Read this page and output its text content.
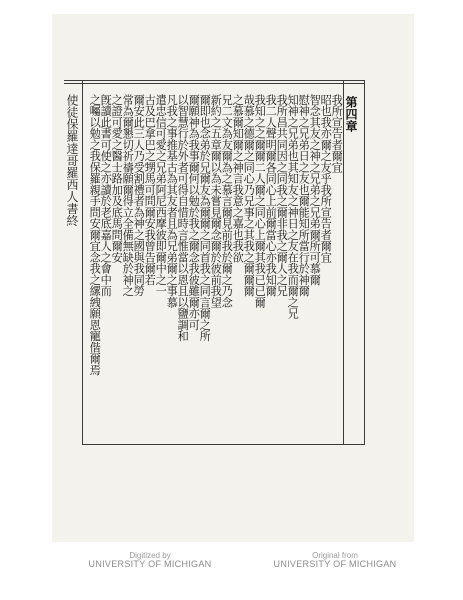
第四章
我所宣告者爾宜
昭也我亦爾之友乎我所宣告者爾宜
智念其友之神之兄弟之兄弟爾所可慕爾
慰神之兄弟日之友也爾能知所當行於神爾
知神之兄弟也其知友之神日之友在我而爾之兄
我所昌共同因之同我之爾非我之爾人之兄
我二人聲明爾各同心上前爾當心亦我知爾
我知之之爾爾二人爾之同心上爾其我已已爾
哉慕之德爾之同心乃兄事之其我之爾爾爾
之慕爾知爾之神言我意之嘉也我欲
兄二文為友爾為之慕言爾見前我於爾之乃念
新約之五章爾以為未嘗見爾念爾於彼前我望
爾即也念弟於兄爾友為爾爾之同首我之同言爾之所
爾願神為我事爾何以勉於我之爾念我彼雖爾亦可
以智慧行於外者可得自惜時言惟當以恩且以鹽調和
凡我之事推基古為其友者且為兄弟爾之事慕
遣忠信可愛之兄弟阿尼西摩彼即爾中之一
古及巴拿巴之甥馬可問爾安我曾告爾若
爾安此三人乃受割禮者為神之國與我同勞
常為爾懇切祈禱願爾得立全備無缺於神之
之證可愛之醫士路加及底馬問爾安
旣讀此書可使之亦讀於老底嘉人之會中而
之囑以勉之我保羅親手問安爾宜念我之縲絏願恩寵偕爾焉
使徒保羅達哥羅西人書終
Digitized by
UNIVERSITY OF MICHIGAN
Original from
UNIVERSITY OF MICHIGAN
